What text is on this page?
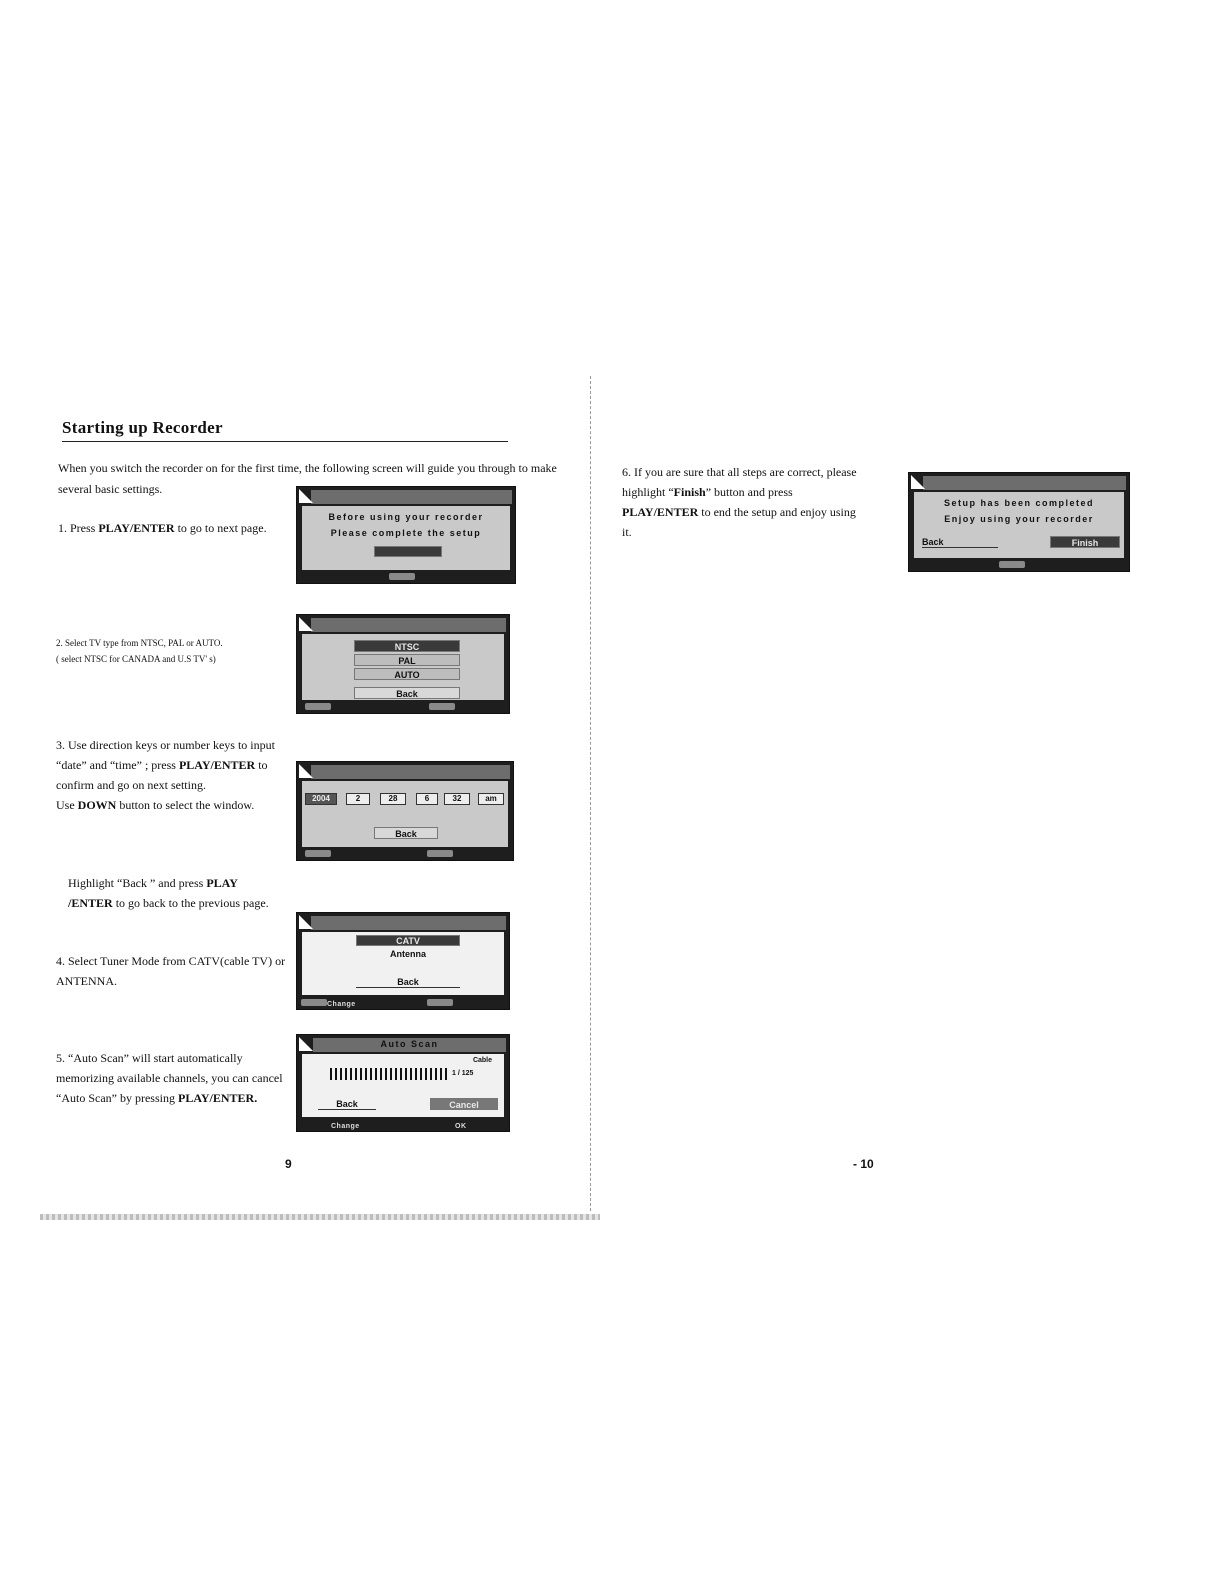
Starting up Recorder
When you switch the recorder on for the first time, the following screen will guide you through to make several basic settings.
1. Press PLAY/ENTER to go to next page.
2. Select TV type from NTSC, PAL or AUTO.
( select NTSC for CANADA and U.S TV' s)
3. Use direction keys or number keys to input “date” and “time” ; press PLAY/ENTER to confirm and go on next setting.
Use DOWN button to select the window.
Highlight “Back ” and press PLAY /ENTER to go back to the previous page.
4. Select Tuner Mode from CATV(cable TV) or ANTENNA.
5. “Auto Scan” will start automatically memorizing available channels, you can cancel “Auto Scan” by pressing PLAY/ENTER.
9
Before using your recorder
Please complete the setup
NTSC
PAL
AUTO
Back
2004	2	28	6	32	am
Back
CATV
Antenna
Back
Change
Auto Scan
Cable
1 / 125
Back	Cancel
Change	OK
6. If you are sure that all steps are correct, please highlight “Finish” button and press PLAY/ENTER to end the setup and enjoy using it.
Setup has been completed
Enjoy using your recorder
Back	Finish
- 10
